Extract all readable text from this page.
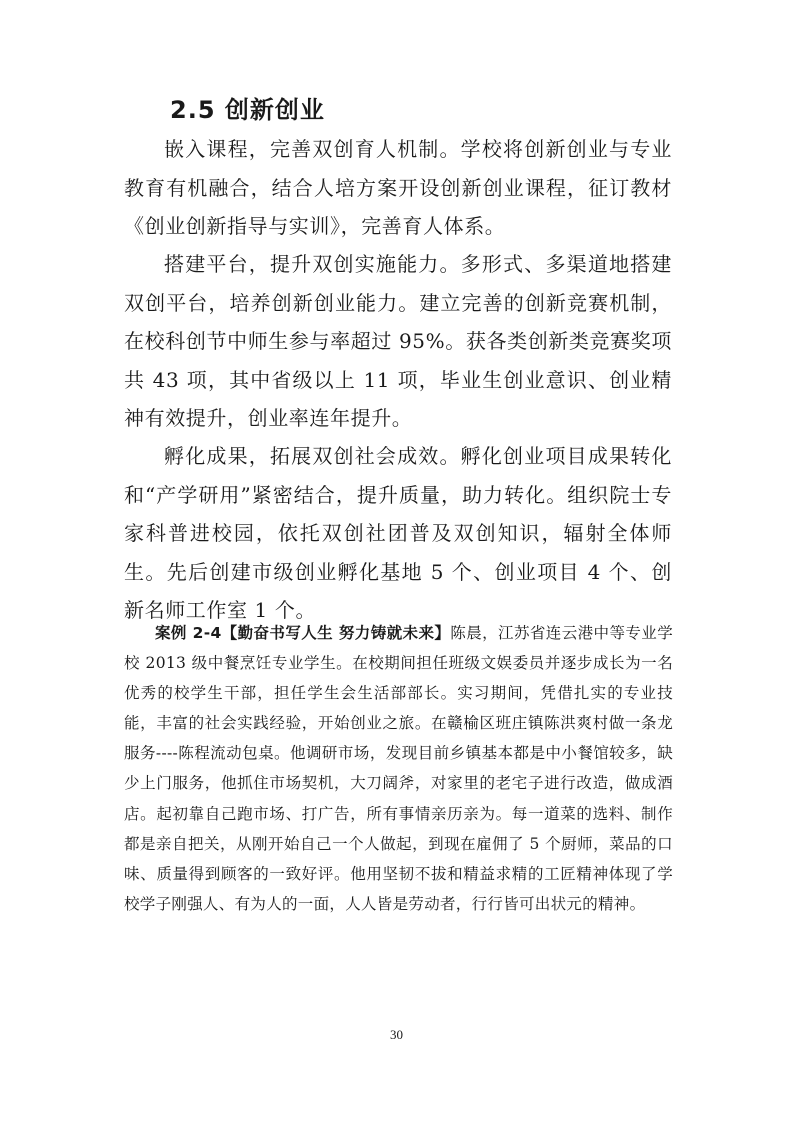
2.5 创新创业

嵌入课程，完善双创育人机制。学校将创新创业与专业教育有机融合，结合人培方案开设创新创业课程，征订教材《创业创新指导与实训》，完善育人体系。

搭建平台，提升双创实施能力。多形式、多渠道地搭建双创平台，培养创新创业能力。建立完善的创新竞赛机制，在校科创节中师生参与率超过 95%。获各类创新类竞赛奖项共 43 项，其中省级以上 11 项，毕业生创业意识、创业精神有效提升，创业率连年提升。

孵化成果，拓展双创社会成效。孵化创业项目成果转化和“产学研用”紧密结合，提升质量，助力转化。组织院士专家科普进校园，依托双创社团普及双创知识，辐射全体师生。先后创建市级创业孵化基地 5 个、创业项目 4 个、创新名师工作室 1 个。

案例 2-4【勤奋书写人生 努力铸就未来】陈晨，江苏省连云港中等专业学校 2013 级中餐烹饪专业学生。在校期间担任班级文娱委员并逐步成长为一名优秀的校学生干部，担任学生会生活部部长。实习期间，凭借扎实的专业技能，丰富的社会实践经验，开始创业之旅。在赣榆区班庄镇陈洪爽村做一条龙服务----陈程流动包桌。他调研市场，发现目前乡镇基本都是中小餐馆较多，缺少上门服务，他抓住市场契机，大刀阔斧，对家里的老宅子进行改造，做成酒店。起初靠自己跑市场、打广告，所有事情亲历亲为。每一道菜的选料、制作都是亲自把关，从刚开始自己一个人做起，到现在雇佣了 5 个厨师，菜品的口味、质量得到顾客的一致好评。他用坚韧不拔和精益求精的工匠精神体现了学校学子刚强人、有为人的一面，人人皆是劳动者，行行皆可出状元的精神。

30
